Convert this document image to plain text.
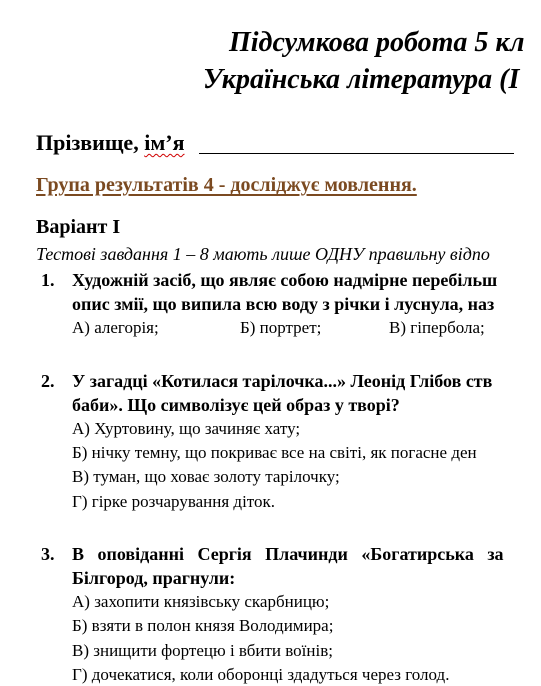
Підсумкова робота 5 кл
Українська література (І
Прізвище, ім’я
Група результатів 4 - досліджує мовлення.
Варіант І
Тестові завдання 1 – 8 мають лише ОДНУ правильну відпо
1. Художній засіб, що являє собою надмірне перебільш
опис змії, що випила всю воду з річки і луснула, наз
А) алегорія;	Б) портрет;	В) гіпербола;
2. У загадці «Котилася тарілочка...» Леонід Глібов ств
баби». Що символізує цей образ у творі?
А) Хуртовину, що зачиняє хату;
Б) нічку темну, що покриває все на світі, як погасне ден
В) туман, що ховає золоту тарілочку;
Г) гірке розчарування діток.
3. В   оповіданні   Сергія   Плачинди   «Богатирська   за
Білгород, прагнули:
А) захопити князівську скарбницю;
Б) взяти в полон князя Володимира;
В) знищити фортецю і вбити воїнів;
Г) дочекатися, коли оборонці здадуться через голод.
